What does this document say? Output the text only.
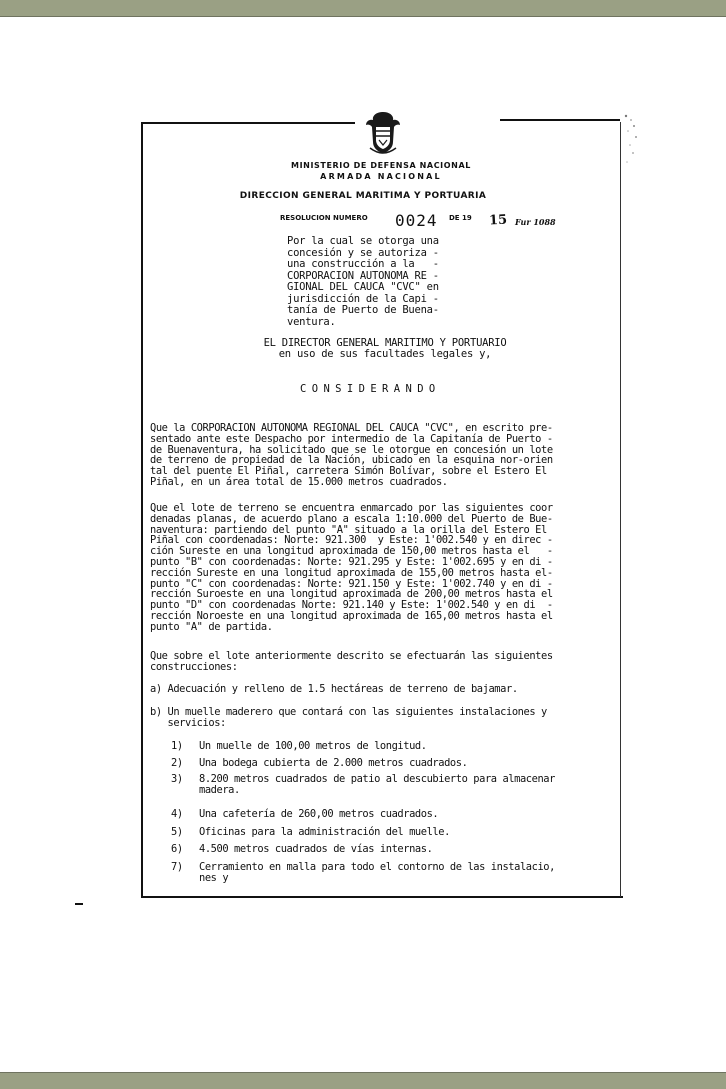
MINISTERIO DE DEFENSA NACIONAL
ARMADA NACIONAL
DIRECCION GENERAL MARITIMA Y PORTUARIA
RESOLUCION NUMERO 0024 DE 19 15 Fur 1088
Por la cual se otorga una
concesión y se autoriza -
una construcción a la   -
CORPORACION AUTONOMA RE -
GIONAL DEL CAUCA "CVC" en
jurisdicción de la Capi -
tanía de Puerto de Buena-
ventura.
EL DIRECTOR GENERAL MARITIMO Y PORTUARIO
en uso de sus facultades legales y,
CONSIDERANDO
Que la CORPORACION AUTONOMA REGIONAL DEL CAUCA "CVC", en escrito pre-
sentado ante este Despacho por intermedio de la Capitanía de Puerto -
de Buenaventura, ha solicitado que se le otorgue en concesión un lote
de terreno de propiedad de la Nación, ubicado en la esquina nor-orien
tal del puente El Piñal, carretera Simón Bolívar, sobre el Estero El
Piñal, en un área total de 15.000 metros cuadrados.
Que el lote de terreno se encuentra enmarcado por las siguientes coor
denadas planas, de acuerdo plano a escala 1:10.000 del Puerto de Bue-
naventura: partiendo del punto "A" situado a la orilla del Estero El
Piñal con coordenadas: Norte: 921.300  y Este: 1'002.540 y en direc -
ción Sureste en una longitud aproximada de 150,00 metros hasta el   -
punto "B" con coordenadas: Norte: 921.295 y Este: 1'002.695 y en di -
rección Sureste en una longitud aproximada de 155,00 metros hasta el-
punto "C" con coordenadas: Norte: 921.150 y Este: 1'002.740 y en di -
rección Suroeste en una longitud aproximada de 200,00 metros hasta el
punto "D" con coordenadas Norte: 921.140 y Este: 1'002.540 y en di  -
rección Noroeste en una longitud aproximada de 165,00 metros hasta el
punto "A" de partida.
Que sobre el lote anteriormente descrito se efectuarán las siguientes
construcciones:
a) Adecuación y relleno de 1.5 hectáreas de terreno de bajamar.
b) Un muelle maderero que contará con las siguientes instalaciones y
servicios:
1) Un muelle de 100,00 metros de longitud.
2) Una bodega cubierta de 2.000 metros cuadrados.
3) 8.200 metros cuadrados de patio al descubierto para almacenar
madera.
4) Una cafetería de 260,00 metros cuadrados.
5) Oficinas para la administración del muelle.
6) 4.500 metros cuadrados de vías internas.
7) Cerramiento en malla para todo el contorno de las instalacio,
nes y
